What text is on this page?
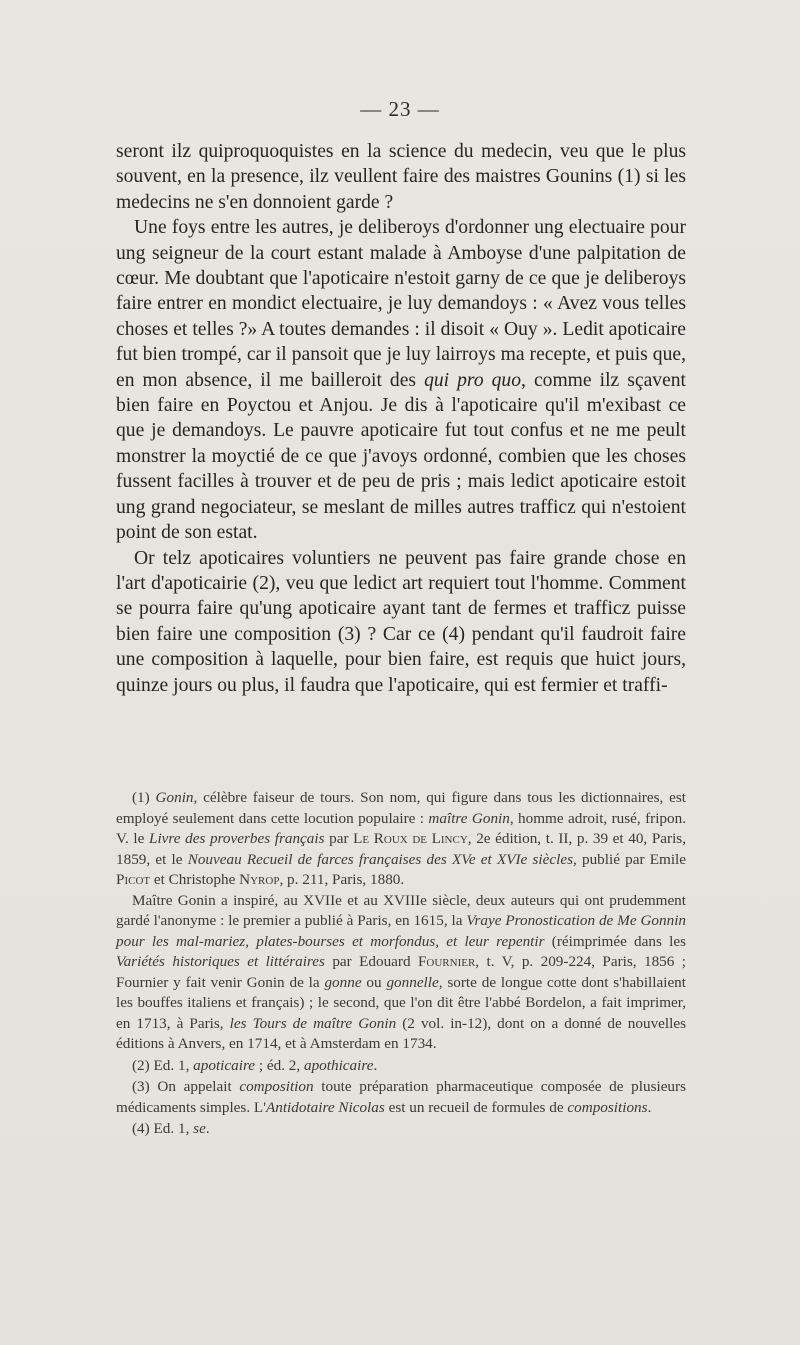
— 23 —

seront ilz quiproquoquistes en la science du medecin, veu que le plus souvent, en la presence, ilz veullent faire des maistres Gounins (1) si les medecins ne s'en donnoient garde ?

Une foys entre les autres, je deliberoys d'ordonner ung electuaire pour ung seigneur de la court estant malade à Amboyse d'une palpitation de cœur. Me doubtant que l'apoticaire n'estoit garny de ce que je deliberoys faire entrer en mondict electuaire, je luy demandoys : « Avez vous telles choses et telles ?» A toutes demandes : il disoit « Ouy ». Ledit apoticaire fut bien trompé, car il pansoit que je luy lairroys ma recepte, et puis que, en mon absence, il me bailleroit des qui pro quo, comme ilz sçavent bien faire en Poyctou et Anjou. Je dis à l'apoticaire qu'il m'exibast ce que je demandoys. Le pauvre apoticaire fut tout confus et ne me peult monstrer la moyctié de ce que j'avoys ordonné, combien que les choses fussent facilles à trouver et de peu de pris ; mais ledict apoticaire estoit ung grand negociateur, se meslant de milles autres trafficz qui n'estoient point de son estat.

Or telz apoticaires voluntiers ne peuvent pas faire grande chose en l'art d'apoticairie (2), veu que ledict art requiert tout l'homme. Comment se pourra faire qu'ung apoticaire ayant tant de fermes et trafficz puisse bien faire une composition (3) ? Car ce (4) pendant qu'il faudroit faire une composition à laquelle, pour bien faire, est requis que huict jours, quinze jours ou plus, il faudra que l'apoticaire, qui est fermier et traffi-

(1) Gonin, célèbre faiseur de tours. Son nom, qui figure dans tous les dictionnaires, est employé seulement dans cette locution populaire : maître Gonin, homme adroit, rusé, fripon. V. le Livre des proverbes français par Le Roux de Lincy, 2e édition, t. II, p. 39 et 40, Paris, 1859, et le Nouveau Recueil de farces françaises des XVe et XVIe siècles, publié par Emile Picot et Christophe Nyrop, p. 211, Paris, 1880.

Maître Gonin a inspiré, au XVIIe et au XVIIIe siècle, deux auteurs qui ont prudemment gardé l'anonyme : le premier a publié à Paris, en 1615, la Vraye Pronostication de Me Gonnin pour les mal-mariez, plates-bourses et morfondus, et leur repentir (réimprimée dans les Variétés historiques et littéraires par Edouard Fournier, t. V, p. 209-224, Paris, 1856 ; Fournier y fait venir Gonin de la gonne ou gonnelle, sorte de longue cotte dont s'habillaient les bouffes italiens et français) ; le second, que l'on dit être l'abbé Bordelon, a fait imprimer, en 1713, à Paris, les Tours de maître Gonin (2 vol. in-12), dont on a donné de nouvelles éditions à Anvers, en 1714, et à Amsterdam en 1734.

(2) Ed. 1, apoticaire ; éd. 2, apothicaire.

(3) On appelait composition toute préparation pharmaceutique composée de plusieurs médicaments simples. L'Antidotaire Nicolas est un recueil de formules de compositions.

(4) Ed. 1, se.
